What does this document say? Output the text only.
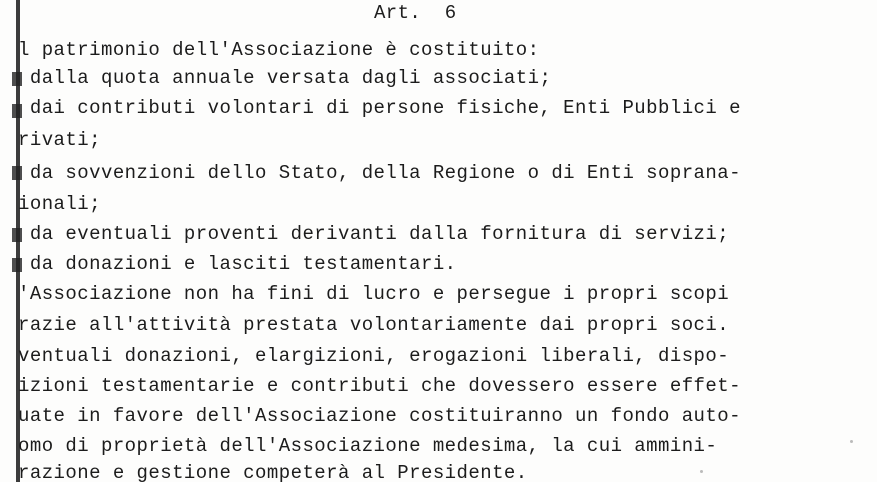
Art.  6
l patrimonio dell'Associazione è costituito:
dalla quota annuale versata dagli associati;
dai contributi volontari di persone fisiche, Enti Pubblici e
rivati;
da sovvenzioni dello Stato, della Regione o di Enti soprana-
ionali;
da eventuali proventi derivanti dalla fornitura di servizi;
da donazioni e lasciti testamentari.
'Associazione non ha fini di lucro e persegue i propri scopi
razie all'attività prestata volontariamente dai propri soci.
ventuali donazioni, elargizioni, erogazioni liberali, dispo-
izioni testamentarie e contributi che dovessero essere effet-
uate in favore dell'Associazione costituiranno un fondo auto-
omo di proprietà dell'Associazione medesima, la cui ammini-
razione e gestione competerà al Presidente.
